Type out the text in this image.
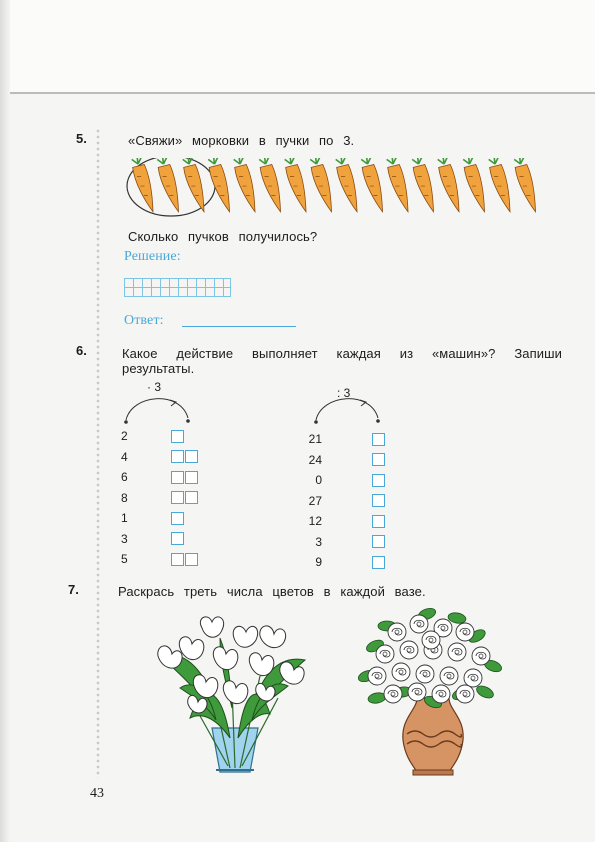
5.	«Свяжи» морковки в пучки по 3.
Сколько пучков получилось?
Решение:
Ответ:
6.	Какое действие выполняет каждая из «машин»? Запиши
результаты.
· 3
2
4
6
8
1
3
5
: 3
21
24
0
27
12
3
9
7.	Раскрась треть числа цветов в каждой вазе.
43
